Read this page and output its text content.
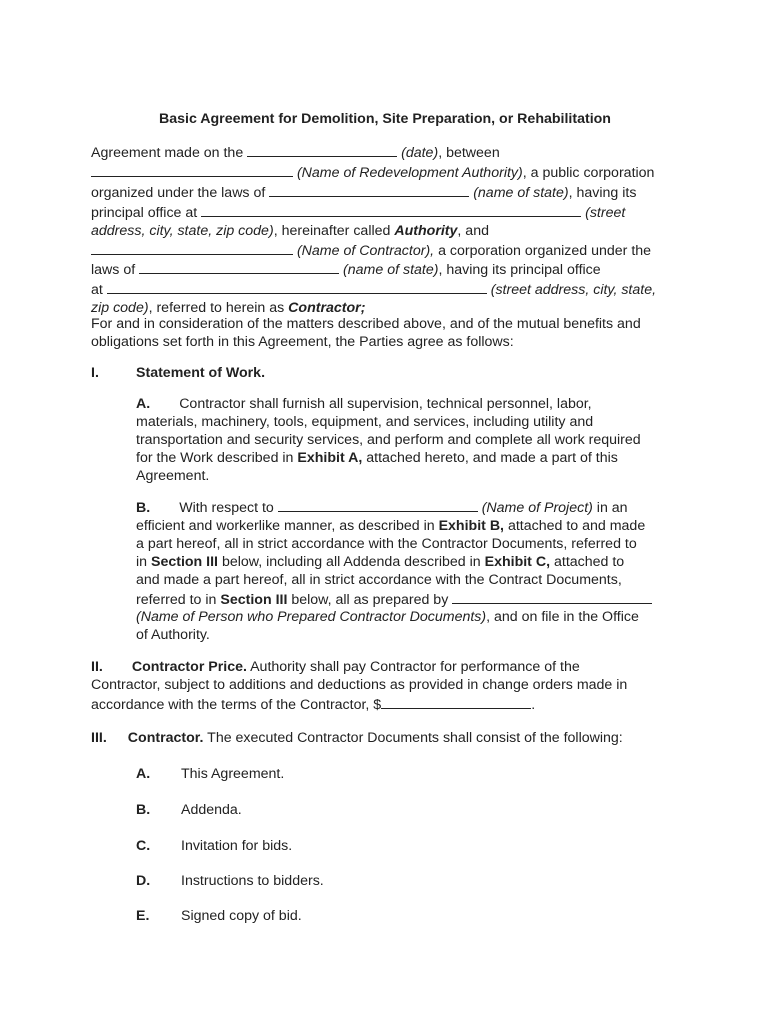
Basic Agreement for Demolition, Site Preparation, or Rehabilitation
Agreement made on the	(date), between
(Name of Redevelopment Authority), a public corporation
organized under the laws of	(name of state), having its
principal office at	(street
address, city, state, zip code), hereinafter called Authority, and
(Name of Contractor), a corporation organized under the
laws of	(name of state), having its principal office
at	(street address, city, state,
zip code), referred to herein as Contractor;
For and in consideration of the matters described above, and of the mutual benefits and obligations set forth in this Agreement, the Parties agree as follows:
I.	Statement of Work.
A. Contractor shall furnish all supervision, technical personnel, labor,
materials, machinery, tools, equipment, and services, including utility and
transportation and security services, and perform and complete all work required
for the Work described in Exhibit A, attached hereto, and made a part of this
Agreement.
B. With respect to	(Name of Project) in an
efficient and workerlike manner, as described in Exhibit B, attached to and made
a part hereof, all in strict accordance with the Contractor Documents, referred to
in Section III below, including all Addenda described in Exhibit C, attached to
and made a part hereof, all in strict accordance with the Contract Documents,
referred to in Section III below, all as prepared by
(Name of Person who Prepared Contractor Documents), and on file in the Office
of Authority.
II. Contractor Price. Authority shall pay Contractor for performance of the
Contractor, subject to additions and deductions as provided in change orders made in
accordance with the terms of the Contractor, $	.
III. Contractor. The executed Contractor Documents shall consist of the following:
A. This Agreement.
B. Addenda.
C. Invitation for bids.
D. Instructions to bidders.
E. Signed copy of bid.
